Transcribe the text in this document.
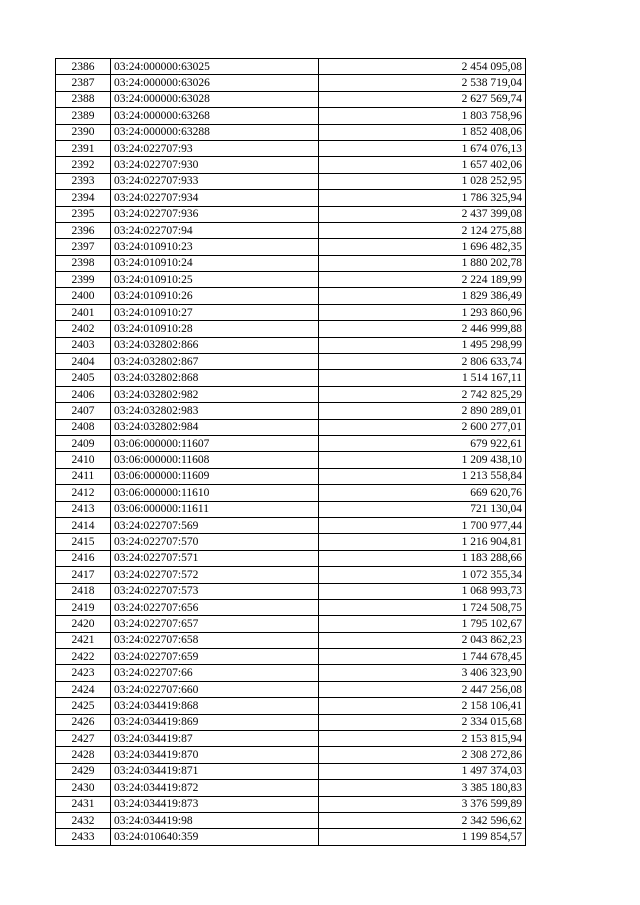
2386	03:24:000000:63025	2 454 095,08
2387	03:24:000000:63026	2 538 719,04
2388	03:24:000000:63028	2 627 569,74
2389	03:24:000000:63268	1 803 758,96
2390	03:24:000000:63288	1 852 408,06
2391	03:24:022707:93	1 674 076,13
2392	03:24:022707:930	1 657 402,06
2393	03:24:022707:933	1 028 252,95
2394	03:24:022707:934	1 786 325,94
2395	03:24:022707:936	2 437 399,08
2396	03:24:022707:94	2 124 275,88
2397	03:24:010910:23	1 696 482,35
2398	03:24:010910:24	1 880 202,78
2399	03:24:010910:25	2 224 189,99
2400	03:24:010910:26	1 829 386,49
2401	03:24:010910:27	1 293 860,96
2402	03:24:010910:28	2 446 999,88
2403	03:24:032802:866	1 495 298,99
2404	03:24:032802:867	2 806 633,74
2405	03:24:032802:868	1 514 167,11
2406	03:24:032802:982	2 742 825,29
2407	03:24:032802:983	2 890 289,01
2408	03:24:032802:984	2 600 277,01
2409	03:06:000000:11607	679 922,61
2410	03:06:000000:11608	1 209 438,10
2411	03:06:000000:11609	1 213 558,84
2412	03:06:000000:11610	669 620,76
2413	03:06:000000:11611	721 130,04
2414	03:24:022707:569	1 700 977,44
2415	03:24:022707:570	1 216 904,81
2416	03:24:022707:571	1 183 288,66
2417	03:24:022707:572	1 072 355,34
2418	03:24:022707:573	1 068 993,73
2419	03:24:022707:656	1 724 508,75
2420	03:24:022707:657	1 795 102,67
2421	03:24:022707:658	2 043 862,23
2422	03:24:022707:659	1 744 678,45
2423	03:24:022707:66	3 406 323,90
2424	03:24:022707:660	2 447 256,08
2425	03:24:034419:868	2 158 106,41
2426	03:24:034419:869	2 334 015,68
2427	03:24:034419:87	2 153 815,94
2428	03:24:034419:870	2 308 272,86
2429	03:24:034419:871	1 497 374,03
2430	03:24:034419:872	3 385 180,83
2431	03:24:034419:873	3 376 599,89
2432	03:24:034419:98	2 342 596,62
2433	03:24:010640:359	1 199 854,57
